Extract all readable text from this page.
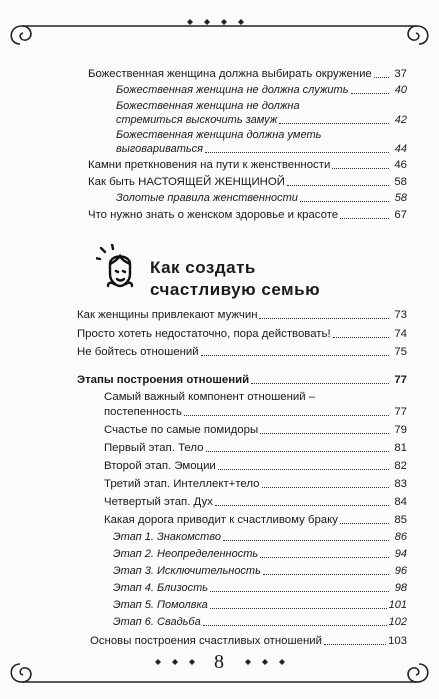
Божественная женщина должна выбирать окружение 37
Божественная женщина не должна служить	40
Божественная женщина не должна
стремиться выскочить замуж	42
Божественная женщина должна уметь
выговариваться	44
Камни преткновения на пути к женственности	46
Как быть НАСТОЯЩЕЙ ЖЕНЩИНОЙ	58
Золотые правила женственности	58
Что нужно знать о женском здоровье и красоте	67
Как создать
счастливую семью
Как женщины привлекают мужчин	73
Просто хотеть недостаточно, пора действовать!	74
Не бойтесь отношений	75
Этапы построения отношений	77
Самый важный компонент отношений –
постепенность	77
Счастье по самые помидоры	79
Первый этап. Тело	81
Второй этап. Эмоции	82
Третий этап. Интеллект+тело	83
Четвертый этап. Дух	84
Какая дорога приводит к счастливому браку	85
Этап 1. Знакомство	86
Этап 2. Неопределенность	94
Этап 3. Исключительность	96
Этап 4. Близость	98
Этап 5. Помолвка	101
Этап 6. Свадьба	102
Основы построения счастливых отношений	103
8
